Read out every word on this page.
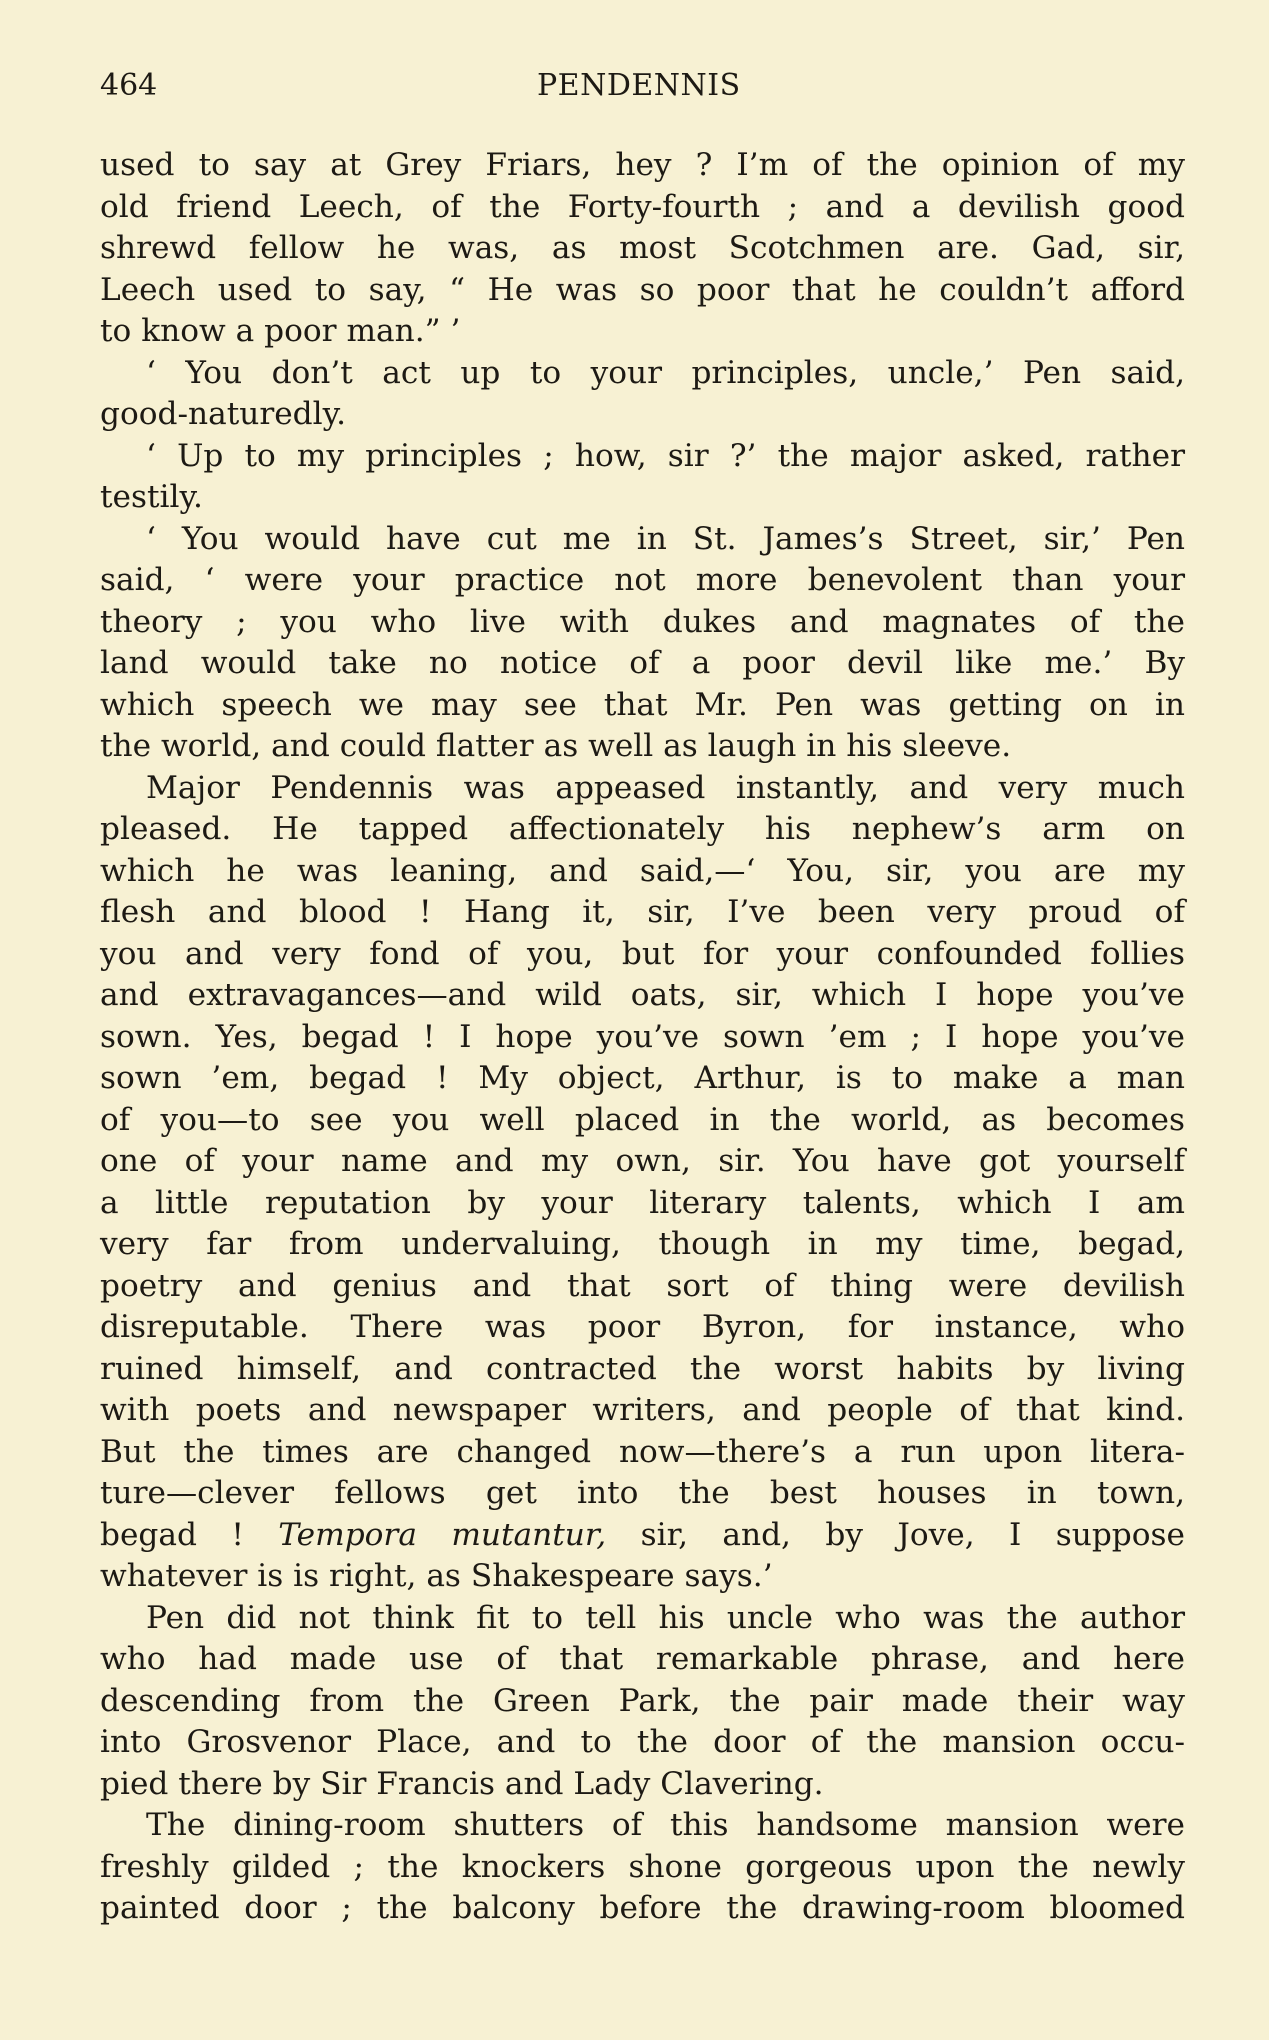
464	PENDENNIS
used to say at Grey Friars, hey ? I’m of the opinion of my
old friend Leech, of the Forty-fourth ; and a devilish good
shrewd fellow he was, as most Scotchmen are. Gad, sir,
Leech used to say, “ He was so poor that he couldn’t afford
to know a poor man.” ’
‘ You don’t act up to your principles, uncle,’ Pen said,
good-naturedly.
‘ Up to my principles ; how, sir ?’ the major asked, rather
testily.
‘ You would have cut me in St. James’s Street, sir,’ Pen
said, ‘ were your practice not more benevolent than your
theory ; you who live with dukes and magnates of the
land would take no notice of a poor devil like me.’ By
which speech we may see that Mr. Pen was getting on in
the world, and could flatter as well as laugh in his sleeve.
Major Pendennis was appeased instantly, and very much
pleased. He tapped affectionately his nephew’s arm on
which he was leaning, and said,—‘ You, sir, you are my
flesh and blood ! Hang it, sir, I’ve been very proud of
you and very fond of you, but for your confounded follies
and extravagances—and wild oats, sir, which I hope you’ve
sown. Yes, begad ! I hope you’ve sown ’em ; I hope you’ve
sown ’em, begad ! My object, Arthur, is to make a man
of you—to see you well placed in the world, as becomes
one of your name and my own, sir. You have got yourself
a little reputation by your literary talents, which I am
very far from undervaluing, though in my time, begad,
poetry and genius and that sort of thing were devilish
disreputable. There was poor Byron, for instance, who
ruined himself, and contracted the worst habits by living
with poets and newspaper writers, and people of that kind.
But the times are changed now—there’s a run upon litera-
ture—clever fellows get into the best houses in town,
begad ! Tempora mutantur, sir, and, by Jove, I suppose
whatever is is right, as Shakespeare says.’
Pen did not think fit to tell his uncle who was the author
who had made use of that remarkable phrase, and here
descending from the Green Park, the pair made their way
into Grosvenor Place, and to the door of the mansion occu-
pied there by Sir Francis and Lady Clavering.
The dining-room shutters of this handsome mansion were
freshly gilded ; the knockers shone gorgeous upon the newly
painted door ; the balcony before the drawing-room bloomed
